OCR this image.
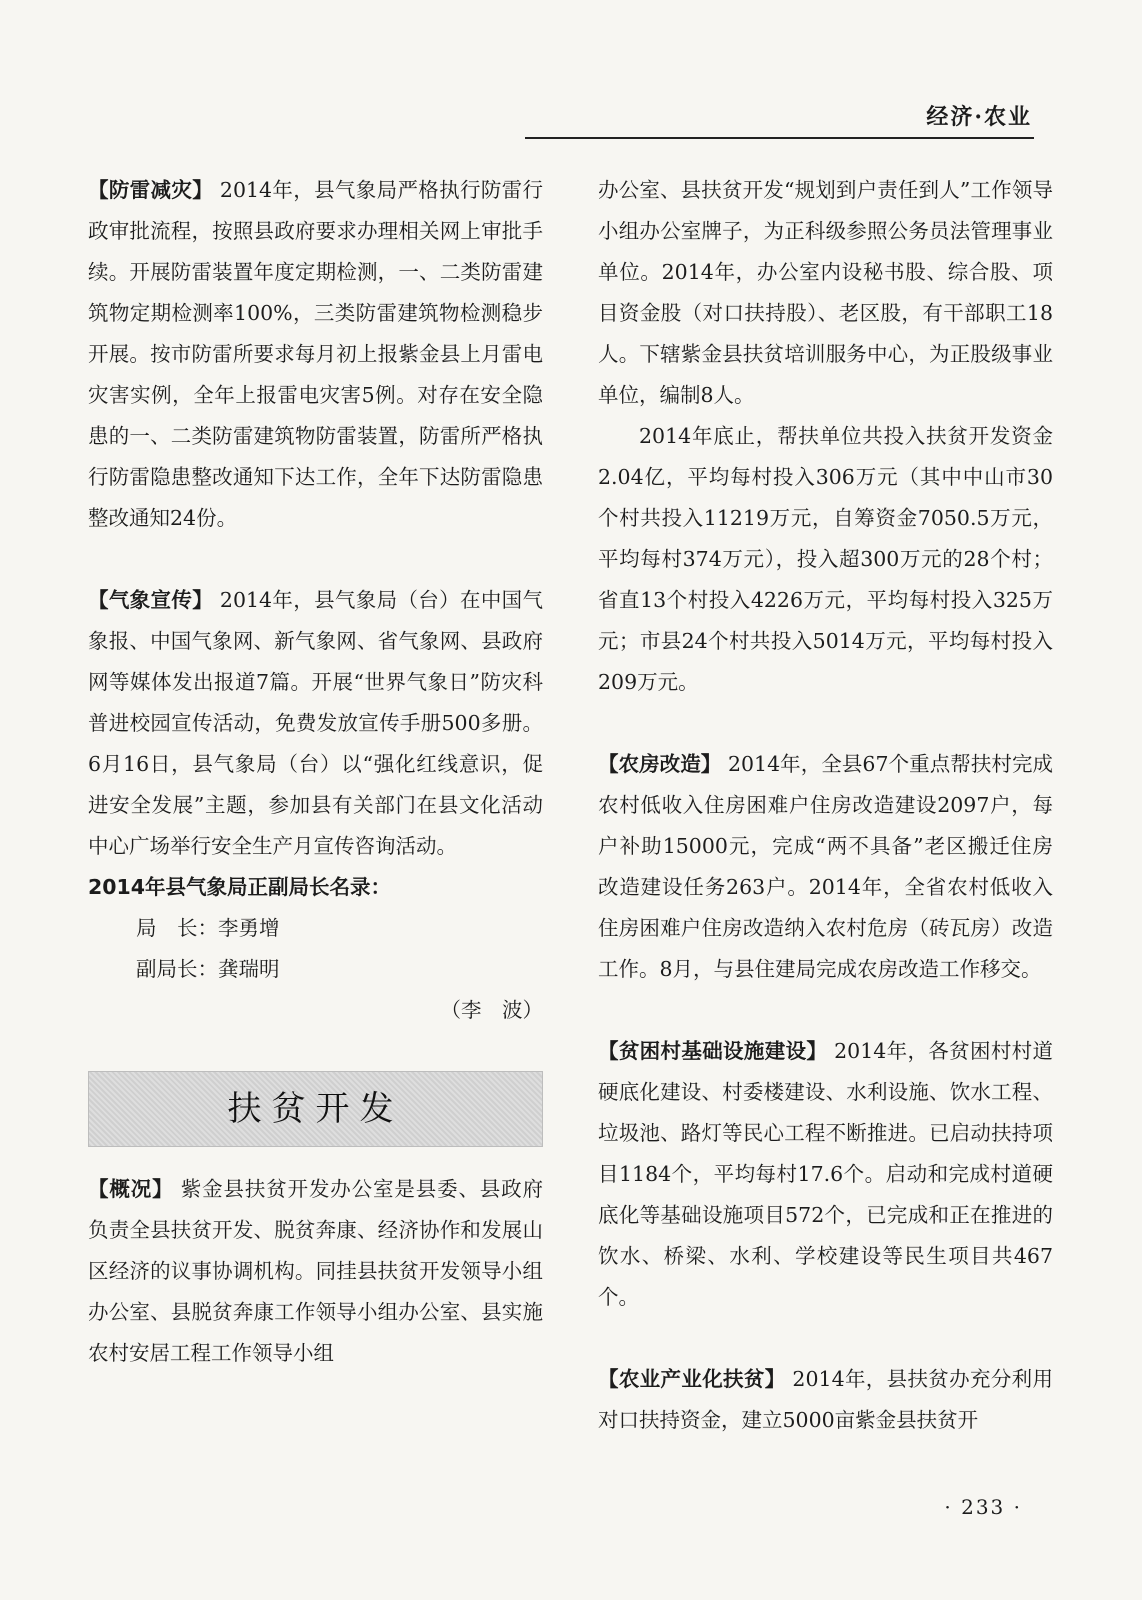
经济·农业

【防雷减灾】 2014年，县气象局严格执行防雷行政审批流程，按照县政府要求办理相关网上审批手续。开展防雷装置年度定期检测，一、二类防雷建筑物定期检测率100%，三类防雷建筑物检测稳步开展。按市防雷所要求每月初上报紫金县上月雷电灾害实例，全年上报雷电灾害5例。对存在安全隐患的一、二类防雷建筑物防雷装置，防雷所严格执行防雷隐患整改通知下达工作，全年下达防雷隐患整改通知24份。

【气象宣传】 2014年，县气象局（台）在中国气象报、中国气象网、新气象网、省气象网、县政府网等媒体发出报道7篇。开展“世界气象日”防灾科普进校园宣传活动，免费发放宣传手册500多册。6月16日，县气象局（台）以“强化红线意识，促进安全发展”主题，参加县有关部门在县文化活动中心广场举行安全生产月宣传咨询活动。

2014年县气象局正副局长名录：

局　长：李勇增

副局长：龚瑞明

（李　波）

扶贫开发

【概况】 紫金县扶贫开发办公室是县委、县政府负责全县扶贫开发、脱贫奔康、经济协作和发展山区经济的议事协调机构。同挂县扶贫开发领导小组办公室、县脱贫奔康工作领导小组办公室、县实施农村安居工程工作领导小组

办公室、县扶贫开发“规划到户责任到人”工作领导小组办公室牌子，为正科级参照公务员法管理事业单位。2014年，办公室内设秘书股、综合股、项目资金股（对口扶持股）、老区股，有干部职工18人。下辖紫金县扶贫培训服务中心，为正股级事业单位，编制8人。

2014年底止，帮扶单位共投入扶贫开发资金2.04亿，平均每村投入306万元（其中中山市30个村共投入11219万元，自筹资金7050.5万元，平均每村374万元），投入超300万元的28个村；省直13个村投入4226万元，平均每村投入325万元；市县24个村共投入5014万元，平均每村投入209万元。

【农房改造】 2014年，全县67个重点帮扶村完成农村低收入住房困难户住房改造建设2097户，每户补助15000元，完成“两不具备”老区搬迁住房改造建设任务263户。2014年，全省农村低收入住房困难户住房改造纳入农村危房（砖瓦房）改造工作。8月，与县住建局完成农房改造工作移交。

【贫困村基础设施建设】 2014年，各贫困村村道硬底化建设、村委楼建设、水利设施、饮水工程、垃圾池、路灯等民心工程不断推进。已启动扶持项目1184个，平均每村17.6个。启动和完成村道硬底化等基础设施项目572个，已完成和正在推进的饮水、桥梁、水利、学校建设等民生项目共467个。

【农业产业化扶贫】 2014年，县扶贫办充分利用对口扶持资金，建立5000亩紫金县扶贫开

· 233 ·
